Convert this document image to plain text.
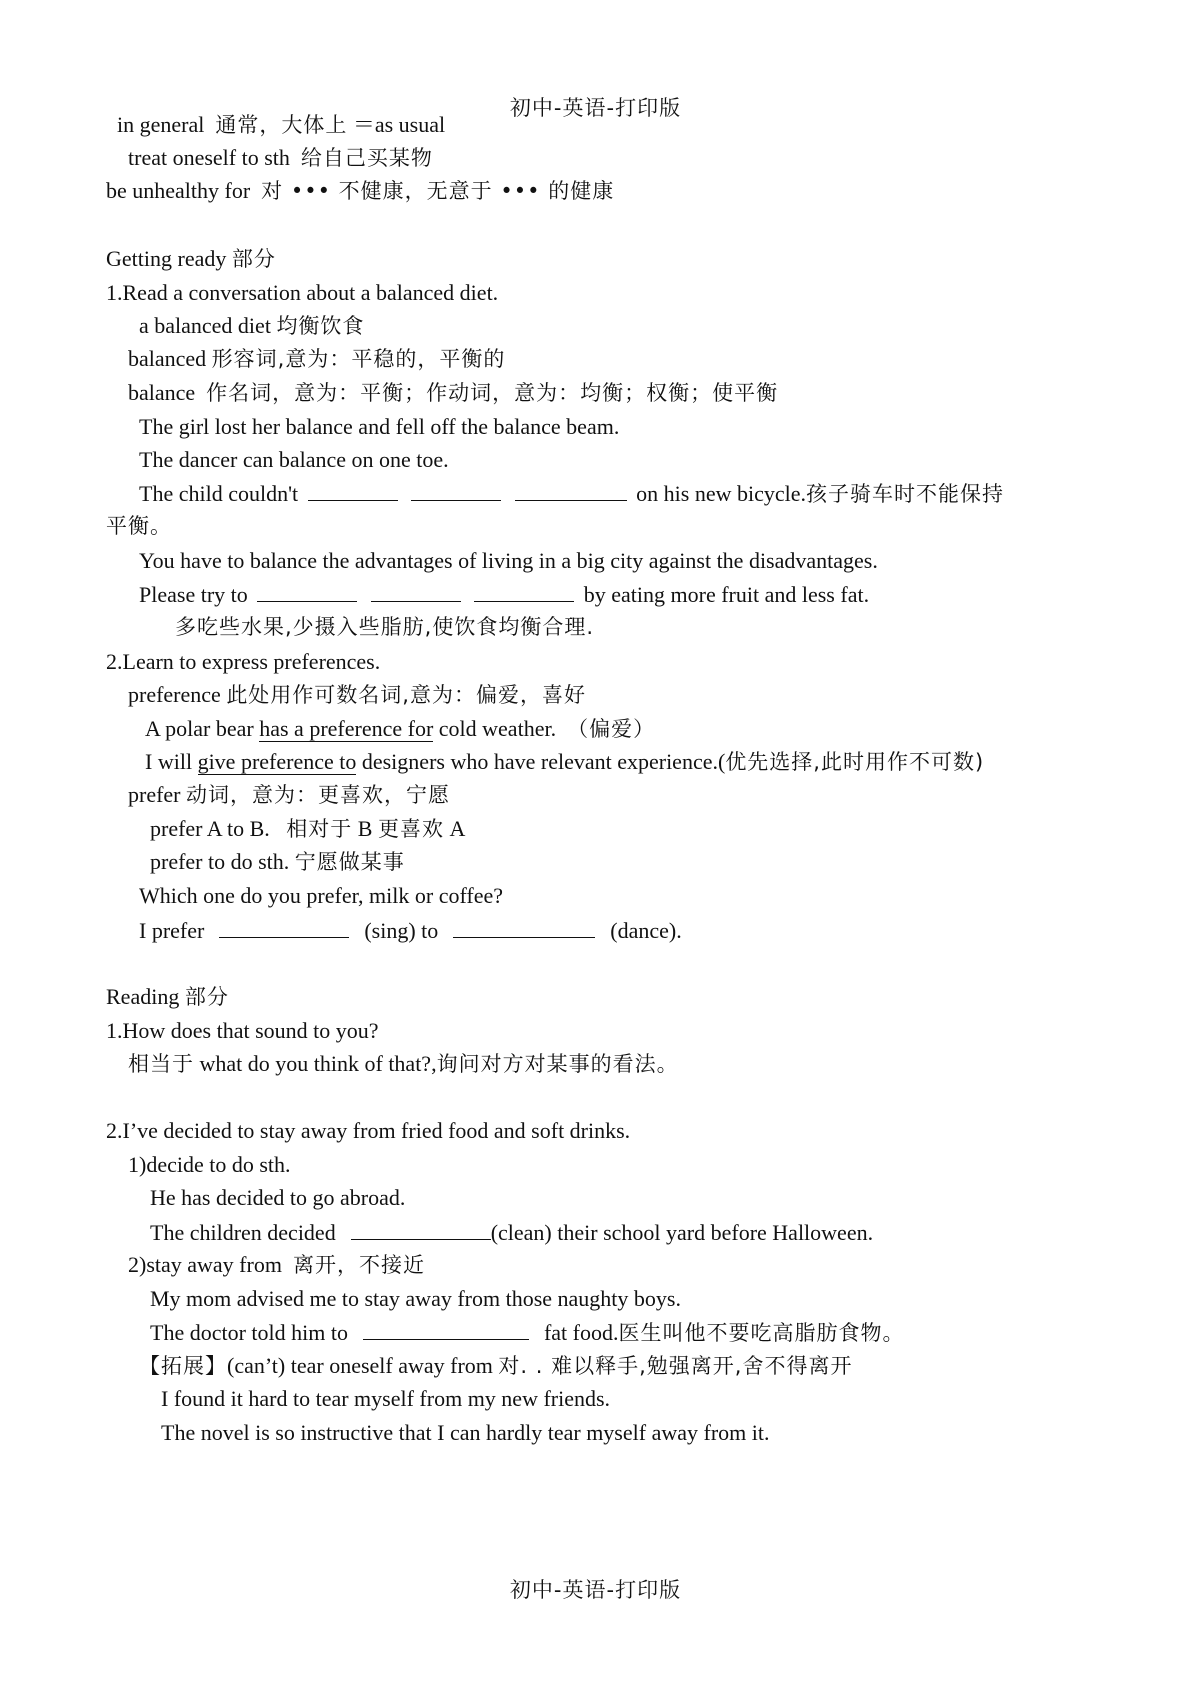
初中-英语-打印版
in general 通常，大体上 ＝as usual
treat oneself to sth 给自己买某物
be unhealthy for 对 ••• 不健康，无意于 ••• 的健康
Getting ready 部分
1.Read a conversation about a balanced diet.
a balanced diet 均衡饮食
balanced 形容词,意为：平稳的，平衡的
balance 作名词，意为：平衡；作动词，意为：均衡；权衡；使平衡
The girl lost her balance and fell off the balance beam.
The dancer can balance on one toe.
The child couldn't	on his new bicycle.孩子骑车时不能保持
平衡。
You have to balance the advantages of living in a big city against the disadvantages.
Please try to	by eating more fruit and less fat.
多吃些水果,少摄入些脂肪,使饮食均衡合理.
2.Learn to express preferences.
preference 此处用作可数名词,意为：偏爱，喜好
A polar bear has a preference for cold weather. （偏爱）
I will give preference to designers who have relevant experience.(优先选择,此时用作不可数)
prefer 动词，意为：更喜欢，宁愿
prefer A to B. 相对于 B 更喜欢 A
prefer to do sth. 宁愿做某事
Which one do you prefer, milk or coffee?
I prefer	(sing) to	(dance).
Reading 部分
1.How does that sound to you?
相当于 what do you think of that?,询问对方对某事的看法。
2.I’ve decided to stay away from fried food and soft drinks.
1)decide to do sth.
He has decided to go abroad.
The children decided	(clean) their school yard before Halloween.
2)stay away from 离开，不接近
My mom advised me to stay away from those naughty boys.
The doctor told him to	fat food.医生叫他不要吃高脂肪食物。
【拓展】(can’t) tear oneself away from 对. . 难以释手,勉强离开,舍不得离开
I found it hard to tear myself from my new friends.
The novel is so instructive that I can hardly tear myself away from it.
初中-英语-打印版
